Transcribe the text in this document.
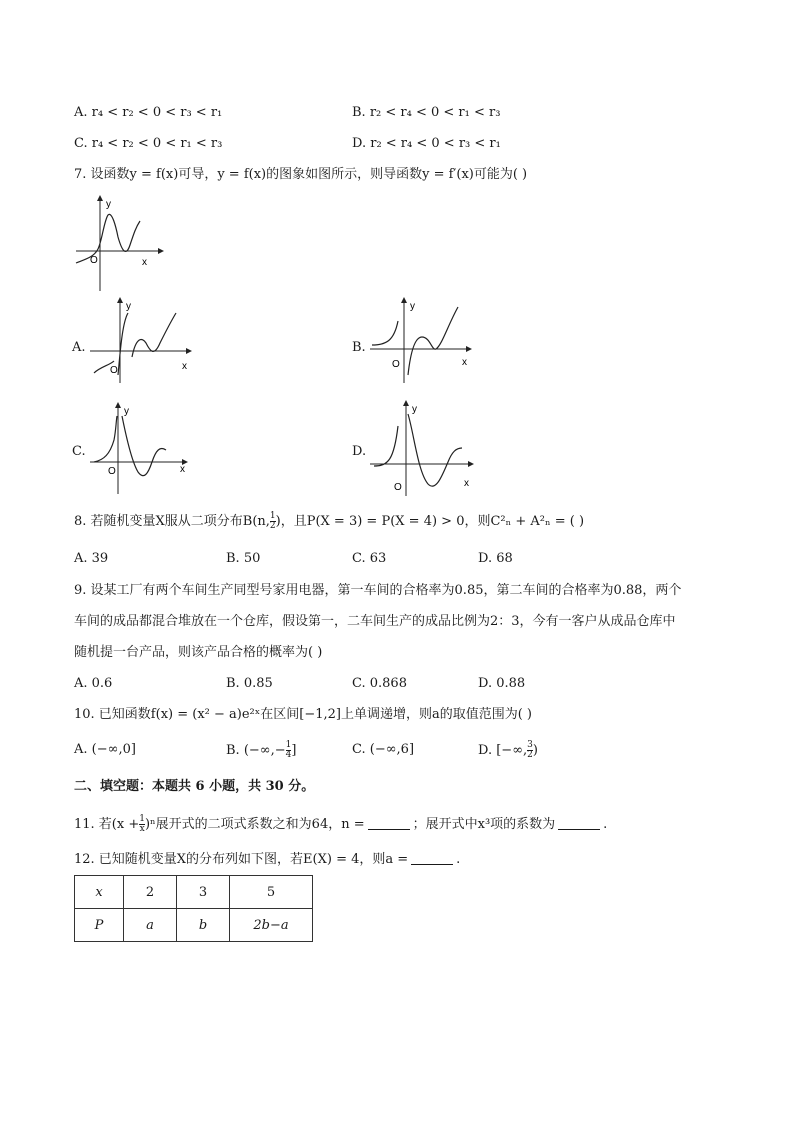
A. r₄ < r₂ < 0 < r₃ < r₁	B. r₂ < r₄ < 0 < r₁ < r₃
C. r₄ < r₂ < 0 < r₁ < r₃	D. r₂ < r₄ < 0 < r₃ < r₁
7. 设函数y = f(x)可导，y = f(x)的图象如图所示，则导函数y = f′(x)可能为( )
y
x
O
A.
y
x
O
B.
y
x
O
C.
y
x
O
D.
y
x
O
8. 若随机变量X服从二项分布B(n, $\frac{1}{2}$ )，且P(X = 3) = P(X = 4) > 0，则C²ₙ + A²ₙ = ( )
A. 39	B. 50	C. 63	D. 68
9. 设某工厂有两个车间生产同型号家用电器，第一车间的合格率为0.85，第二车间的合格率为0.88，两个
车间的成品都混合堆放在一个仓库，假设第一，二车间生产的成品比例为2：3，今有一客户从成品仓库中
随机提一台产品，则该产品合格的概率为( )
A. 0.6	B. 0.85	C. 0.868	D. 0.88
10. 已知函数f(x) = (x² − a)e²ˣ在区间[−1,2]上单调递增，则a的取值范围为( )
A. (−∞,0]	B. (−∞,− $\frac{1}{4}$ ]	C. (−∞,6]	D. [−∞, $\frac{3}{2}$ )
二、填空题：本题共 6 小题，共 30 分。
11. 若$(x + \frac{1}{x} )^n$展开式的二项式系数之和为64，n =	；展开式中x³项的系数为	.
12. 已知随机变量X的分布列如下图，若E(X) = 4，则a =	.
x	2	3	5
P	a	b	2b−a
